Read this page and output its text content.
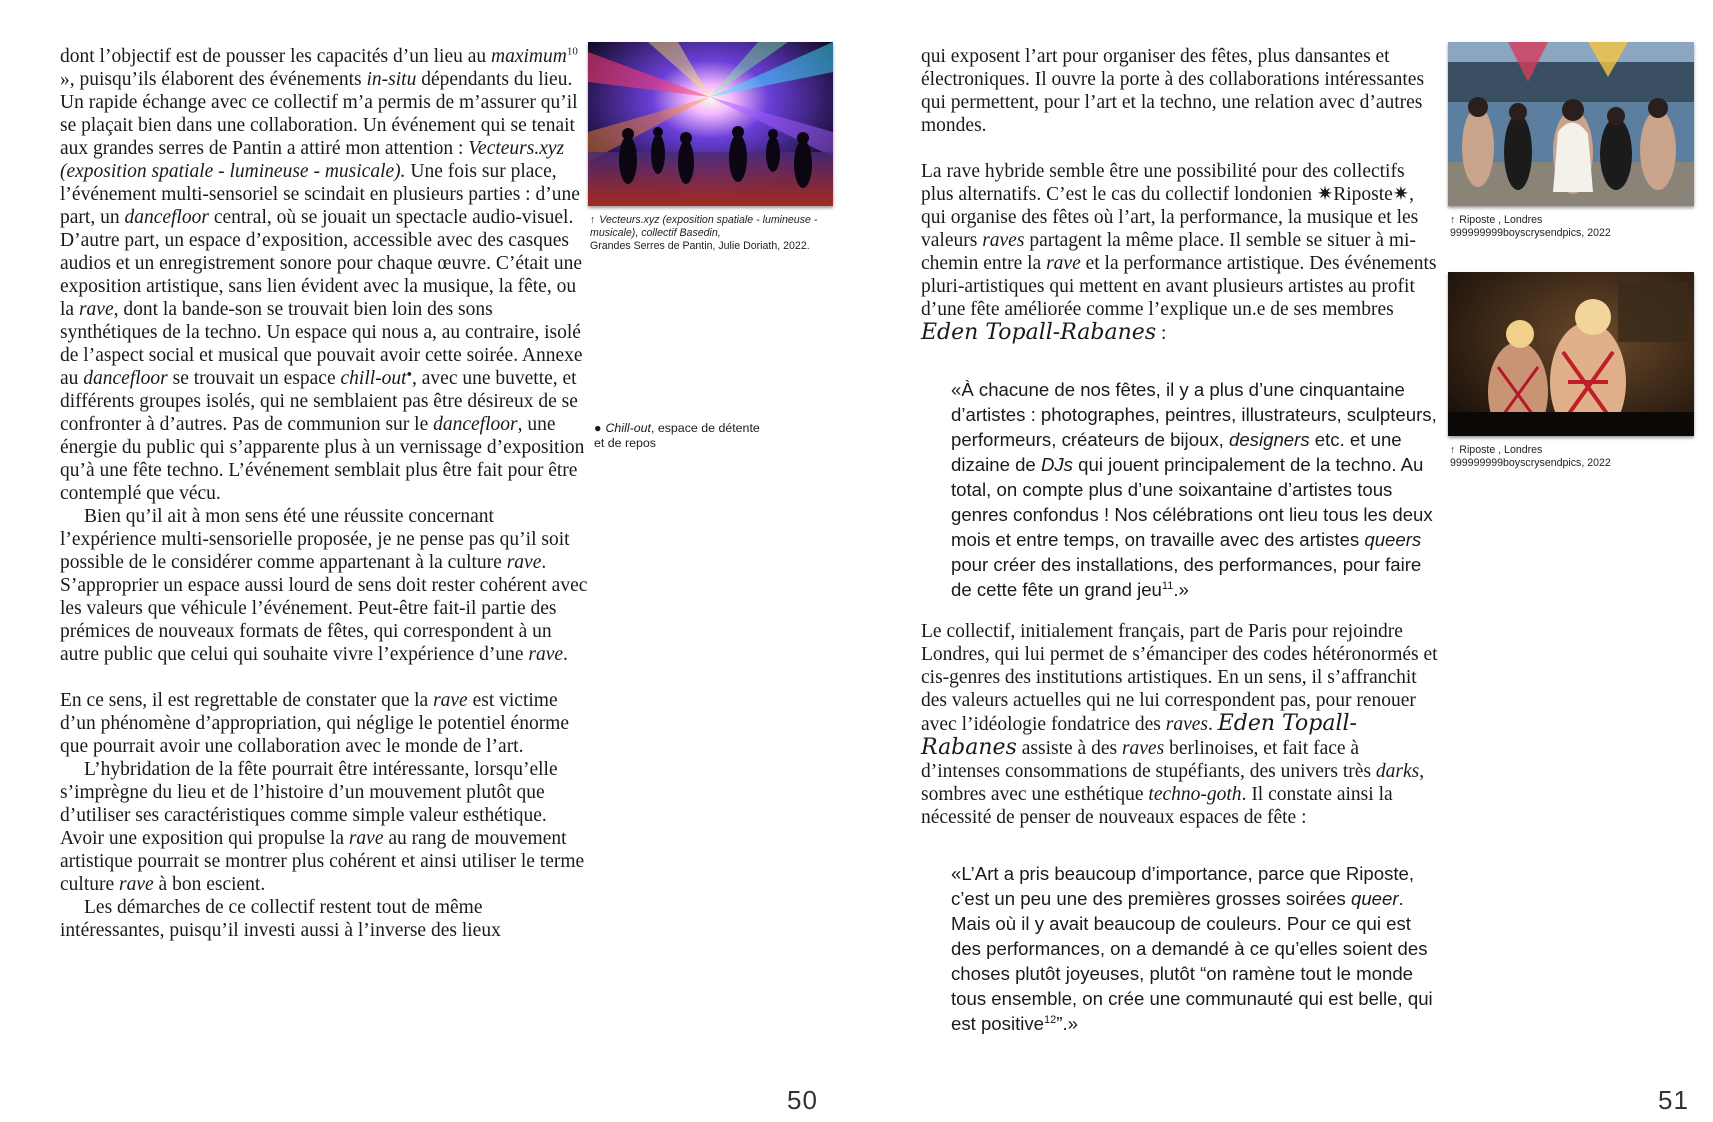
dont l’objectif est de pousser les capacités d’un lieu au maximum$^{10}$ », puisqu’ils élaborent des événements in-situ dépendants du lieu. Un rapide échange avec ce collectif m’a permis de m’assurer qu’il se plaçait bien dans une collaboration. Un événement qui se tenait aux grandes serres de Pantin a attiré mon attention : Vecteurs.xyz (exposition spatiale - lumineuse - musicale). Une fois sur place, l’événement multi-sensoriel se scindait en plusieurs parties : d’une part, un dancefloor central, où se jouait un spectacle audio-visuel. D’autre part, un espace d’exposition, accessible avec des casques audios et un enregistrement sonore pour chaque œuvre. C’était une exposition artistique, sans lien évident avec la musique, la fête, ou la rave, dont la bande-son se trouvait bien loin des sons synthétiques de la techno. Un espace qui nous a, au contraire, isolé de l’aspect social et musical que pouvait avoir cette soirée. Annexe au dancefloor se trouvait un espace chill-out●, avec une buvette, et différents groupes isolés, qui ne semblaient pas être désireux de se confronter à d’autres. Pas de communion sur le dancefloor, une énergie du public qui s’apparente plus à un vernissage d’exposition qu’à une fête techno. L’événement semblait plus être fait pour être contemplé que vécu.

Bien qu’il ait à mon sens été une réussite concernant l’expérience multi-sensorielle proposée, je ne pense pas qu’il soit possible de le considérer comme appartenant à la culture rave. S’approprier un espace aussi lourd de sens doit rester cohérent avec les valeurs que véhicule l’événement. Peut-être fait-il partie des prémices de nouveaux formats de fêtes, qui correspondent à un autre public que celui qui souhaite vivre l’expérience d’une rave.

En ce sens, il est regrettable de constater que la rave est victime d’un phénomène d’appropriation, qui néglige le potentiel énorme que pourrait avoir une collaboration avec le monde de l’art.

L’hybridation de la fête pourrait être intéressante, lorsqu’elle s’imprègne du lieu et de l’histoire d’un mouvement plutôt que d’utiliser ses caractéristiques comme simple valeur esthétique. Avoir une exposition qui propulse la rave au rang de mouvement artistique pourrait se montrer plus cohérent et ainsi utiliser le terme culture rave à bon escient.

Les démarches de ce collectif restent tout de même intéressantes, puisqu’il investi aussi à l’inverse des lieux

↑ Vecteurs.xyz (exposition spatiale - lumineuse - musicale), collectif Basedin,
Grandes Serres de Pantin, Julie Doriath, 2022.
● Chill-out, espace de détente
et de repos
50

qui exposent l’art pour organiser des fêtes, plus dansantes et électroniques. Il ouvre la porte à des collaborations intéressantes qui permettent, pour l’art et la techno, une relation avec d’autres mondes.

La rave hybride semble être une possibilité pour des collectifs plus alternatifs. C’est le cas du collectif londonien ✷Riposte✷, qui organise des fêtes où l’art, la performance, la musique et les valeurs raves partagent la même place. Il semble se situer à mi-chemin entre la rave et la performance artistique. Des événements pluri-artistiques qui mettent en avant plusieurs artistes au profit d’une fête améliorée comme l’explique un.e de ses membres Eden Topall-Rabanes :

«À chacune de nos fêtes, il y a plus d’une cinquantaine d’artistes : photographes, peintres, illustrateurs, sculpteurs, performeurs, créateurs de bijoux, designers etc. et une dizaine de DJs qui jouent principalement de la techno. Au total, on compte plus d’une soixantaine d’artistes tous genres confondus ! Nos célébrations ont lieu tous les deux mois et entre temps, on travaille avec des artistes queers pour créer des installations, des performances, pour faire de cette fête un grand jeu$^{11}$.»

Le collectif, initialement français, part de Paris pour rejoindre Londres, qui lui permet de s’émanciper des codes hétéronormés et cis-genres des institutions artistiques. En un sens, il s’affranchit des valeurs actuelles qui ne lui correspondent pas, pour renouer avec l’idéologie fondatrice des raves. Eden Topall-Rabanes assiste à des raves berlinoises, et fait face à d’intenses consommations de stupéfiants, des univers très darks, sombres avec une esthétique techno-goth. Il constate ainsi la nécessité de penser de nouveaux espaces de fête :

«L’Art a pris beaucoup d’importance, parce que Riposte, c’est un peu une des premières grosses soirées queer. Mais où il y avait beaucoup de couleurs. Pour ce qui est des performances, on a demandé à ce qu’elles soient des choses plutôt joyeuses, plutôt “on ramène tout le monde tous ensemble, on crée une communauté qui est belle, qui est positive$^{12}$”.»
↑ Riposte , Londres
999999999boyscrysendpics, 2022
↑ Riposte , Londres
999999999boyscrysendpics, 2022
51
